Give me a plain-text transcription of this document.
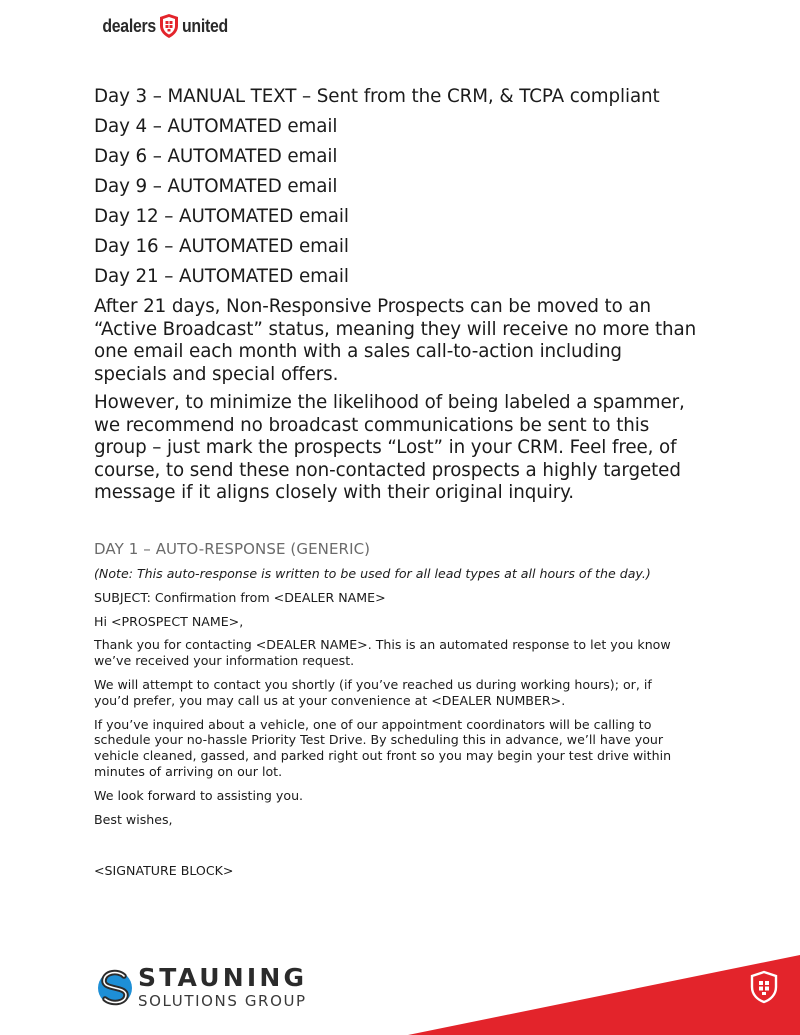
dealers united
Day 3 – MANUAL TEXT – Sent from the CRM, & TCPA compliant
Day 4 – AUTOMATED email
Day 6 – AUTOMATED email
Day 9 – AUTOMATED email
Day 12 – AUTOMATED email
Day 16 – AUTOMATED email
Day 21 – AUTOMATED email
After 21 days, Non-Responsive Prospects can be moved to an
“Active Broadcast” status, meaning they will receive no more than
one email each month with a sales call-to-action including
specials and special offers.
However, to minimize the likelihood of being labeled a spammer,
we recommend no broadcast communications be sent to this
group – just mark the prospects “Lost” in your CRM. Feel free, of
course, to send these non-contacted prospects a highly targeted
message if it aligns closely with their original inquiry.
DAY 1 – AUTO-RESPONSE (GENERIC)

(Note: This auto-response is written to be used for all lead types at all hours of the day.)

SUBJECT: Confirmation from <DEALER NAME>

Hi <PROSPECT NAME>,

Thank you for contacting <DEALER NAME>. This is an automated response to let you know
we’ve received your information request.

We will attempt to contact you shortly (if you’ve reached us during working hours); or, if
you’d prefer, you may call us at your convenience at <DEALER NUMBER>.

If you’ve inquired about a vehicle, one of our appointment coordinators will be calling to
schedule your no-hassle Priority Test Drive. By scheduling this in advance, we’ll have your
vehicle cleaned, gassed, and parked right out front so you may begin your test drive within
minutes of arriving on our lot.

We look forward to assisting you.

Best wishes,

<SIGNATURE BLOCK>

STAUNING
SOLUTIONS GROUP
